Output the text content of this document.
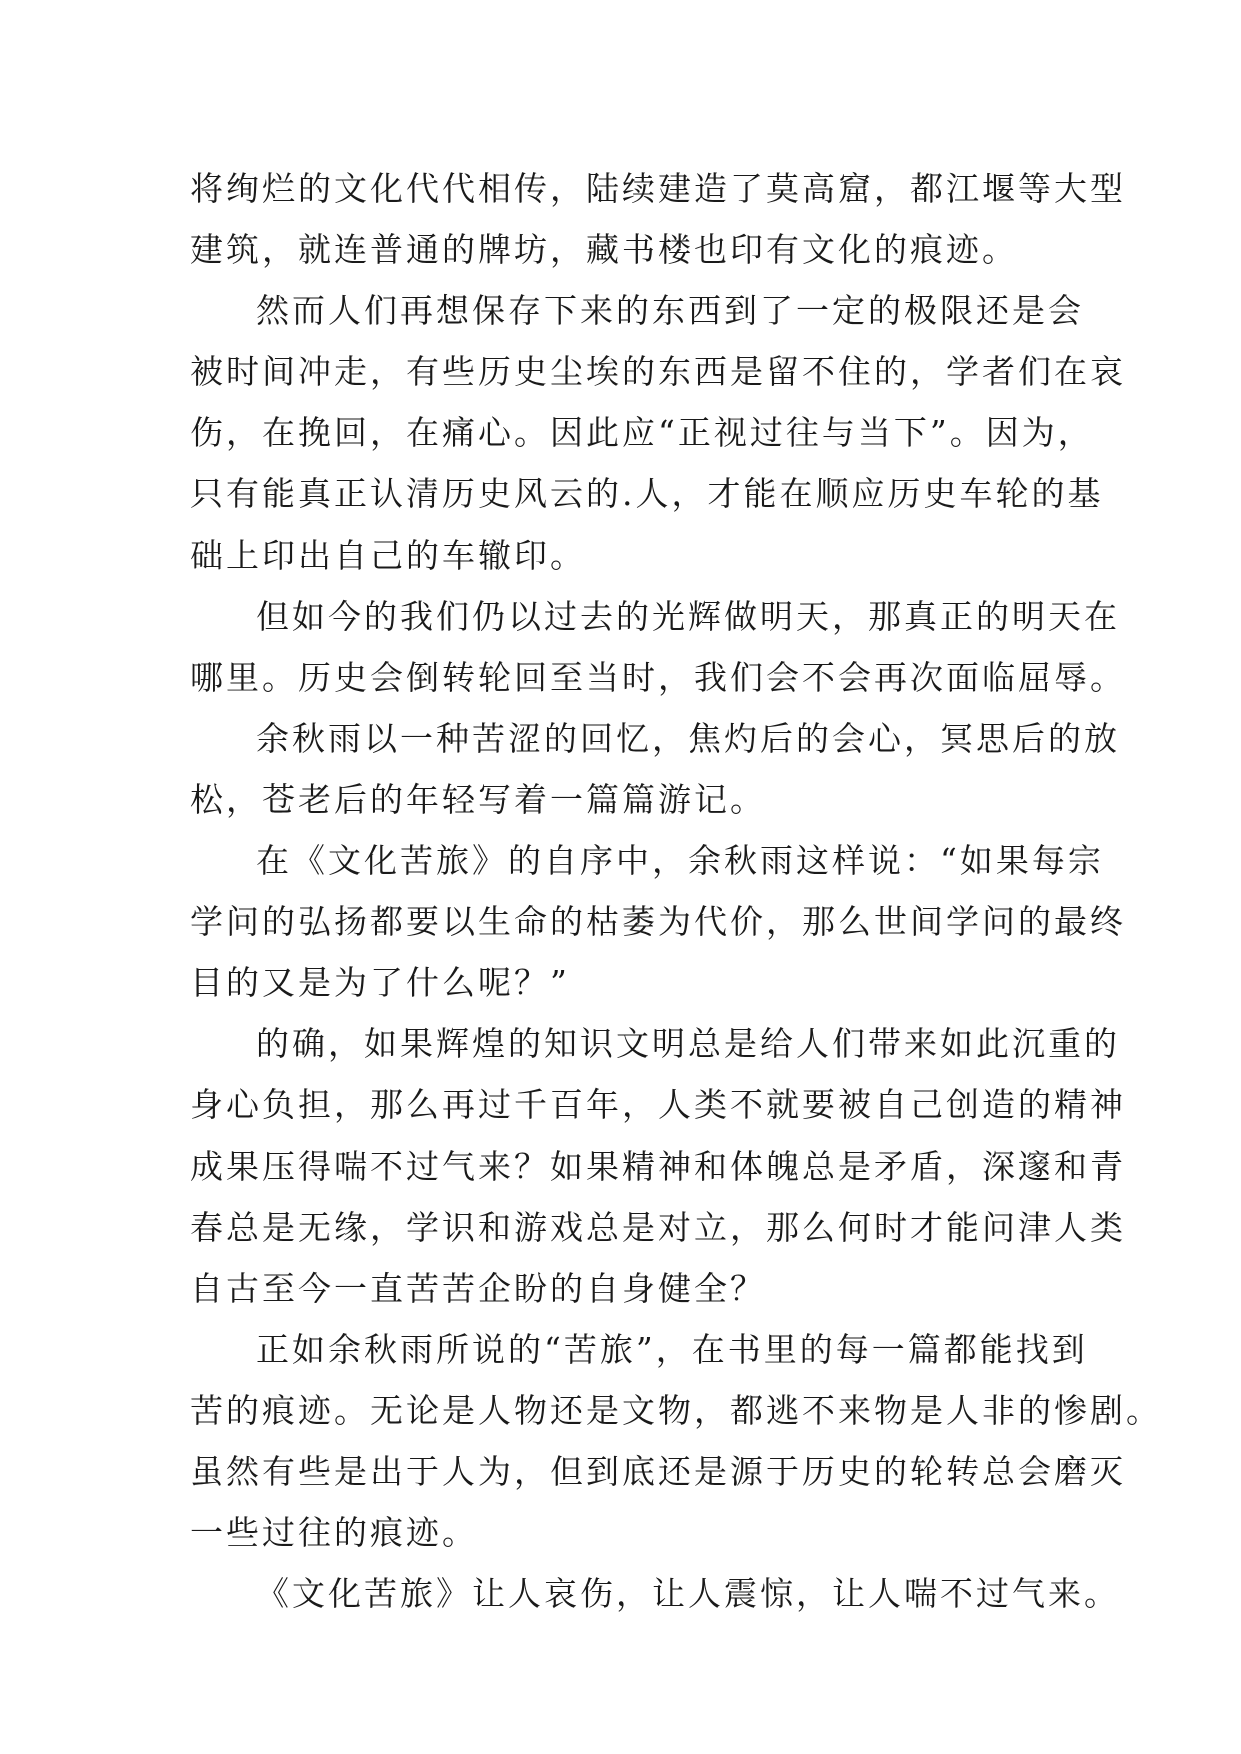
将绚烂的文化代代相传，陆续建造了莫高窟，都江堰等大型
建筑，就连普通的牌坊，藏书楼也印有文化的痕迹。
然而人们再想保存下来的东西到了一定的极限还是会
被时间冲走，有些历史尘埃的东西是留不住的，学者们在哀
伤，在挽回，在痛心。因此应“正视过往与当下”。因为，
只有能真正认清历史风云的.人，才能在顺应历史车轮的基
础上印出自己的车辙印。
但如今的我们仍以过去的光辉做明天，那真正的明天在
哪里。历史会倒转轮回至当时，我们会不会再次面临屈辱。
余秋雨以一种苦涩的回忆，焦灼后的会心，冥思后的放
松，苍老后的年轻写着一篇篇游记。
在《文化苦旅》的自序中，余秋雨这样说：“如果每宗
学问的弘扬都要以生命的枯萎为代价，那么世间学问的最终
目的又是为了什么呢？”
的确，如果辉煌的知识文明总是给人们带来如此沉重的
身心负担，那么再过千百年，人类不就要被自己创造的精神
成果压得喘不过气来？如果精神和体魄总是矛盾，深邃和青
春总是无缘，学识和游戏总是对立，那么何时才能问津人类
自古至今一直苦苦企盼的自身健全？
正如余秋雨所说的“苦旅”，在书里的每一篇都能找到
苦的痕迹。无论是人物还是文物，都逃不来物是人非的惨剧。
虽然有些是出于人为，但到底还是源于历史的轮转总会磨灭
一些过往的痕迹。
《文化苦旅》让人哀伤，让人震惊，让人喘不过气来。
